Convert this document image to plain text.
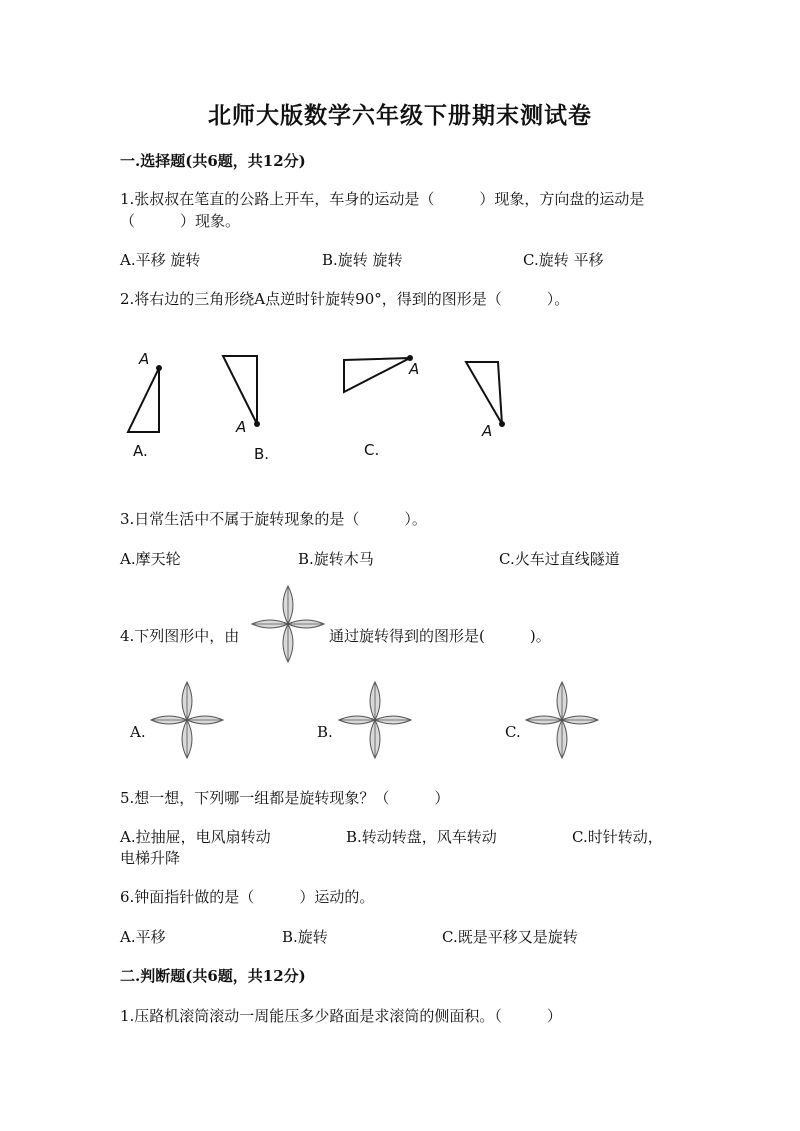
北师大版数学六年级下册期末测试卷
一.选择题(共6题，共12分)
1.张叔叔在笔直的公路上开车，车身的运动是（　　　）现象，方向盘的运动是
（　　　）现象。
A.平移 旋转	B.旋转 旋转	C.旋转 平移
2.将右边的三角形绕A点逆时针旋转90°，得到的图形是（　　　）。
A
A.
A
B.
A
C.
A
3.日常生活中不属于旋转现象的是（　　　）。
A.摩天轮	B.旋转木马	C.火车过直线隧道
4.下列图形中，由	通过旋转得到的图形是(　　　)。
A.	B.	C.
5.想一想，下列哪一组都是旋转现象？（　　　）
A.拉抽屉，电风扇转动	B.转动转盘，风车转动	C.时针转动，
电梯升降
6.钟面指针做的是（　　　）运动的。
A.平移	B.旋转	C.既是平移又是旋转
二.判断题(共6题，共12分)
1.压路机滚筒滚动一周能压多少路面是求滚筒的侧面积。（　　　）
